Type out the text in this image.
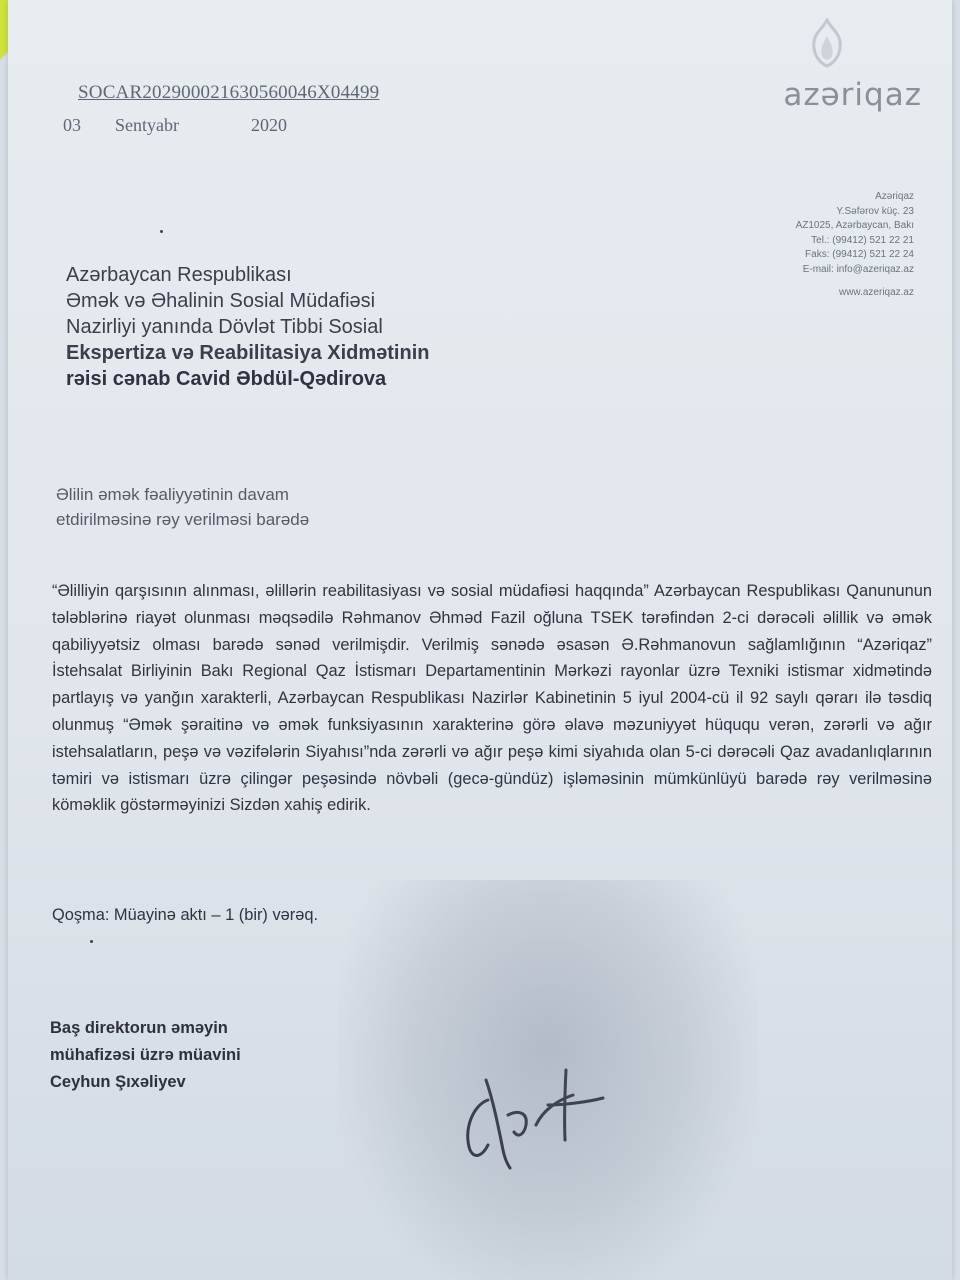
SOCAR20290002163056004​6X04499
03 Sentyabr	2020
azəriqaz
Azəriqaz
Y.Səfərov küç. 23
AZ1025, Azərbaycan, Bakı
Tel.: (99412) 521 22 21
Faks: (99412) 521 22 24
E-mail: info@azeriqaz.az
www.azeriqaz.az
Azərbaycan Respublikası
Əmək və Əhalinin Sosial Müdafiəsi
Nazirliyi yanında Dövlət Tibbi Sosial
Ekspertiza və Reabilitasiya Xidmətinin
rəisi cənab Cavid Əbdül-Qədirova
Əlilin əmək fəaliyyətinin davam
etdirilməsinə rəy verilməsi barədə
“Əlilliyin qarşısının alınması, əlillərin reabilitasiyası və sosial müdafiəsi haqqında” Azərbaycan Respublikası Qanununun tələblərinə riayət olunması məqsədilə Rəhmanov Əhməd Fazil oğluna TSEK tərəfindən 2-ci dərəcəli əlillik və əmək qabiliyyətsiz olması barədə sənəd verilmişdir. Verilmiş sənədə əsasən Ə.Rəhmanovun sağlamlığının “Azəriqaz” İstehsalat Birliyinin Bakı Regional Qaz İstismarı Departamentinin Mərkəzi rayonlar üzrə Texniki istismar xidmətində partlayış və yanğın xarakterli, Azərbaycan Respublikası Nazirlər Kabinetinin 5 iyul 2004-cü il 92 saylı qərarı ilə təsdiq olunmuş “Əmək şəraitinə və əmək funksiyasının xarakterinə görə əlavə məzuniyyət hüququ verən, zərərli və ağır istehsalatların, peşə və vəzifələrin Siyahısı”nda zərərli və ağır peşə kimi siyahıda olan 5-ci dərəcəli Qaz avadanlıqlarının təmiri və istismarı üzrə çilingər peşəsində növbəli (gecə-gündüz) işləməsinin mümkünlüyü barədə rəy verilməsinə köməklik göstərməyinizi Sizdən xahiş edirik.
Qoşma: Müayinə aktı – 1 (bir) vərəq.
Baş direktorun əməyin
mühafizəsi üzrə müavini
Ceyhun Şıxəliyev
